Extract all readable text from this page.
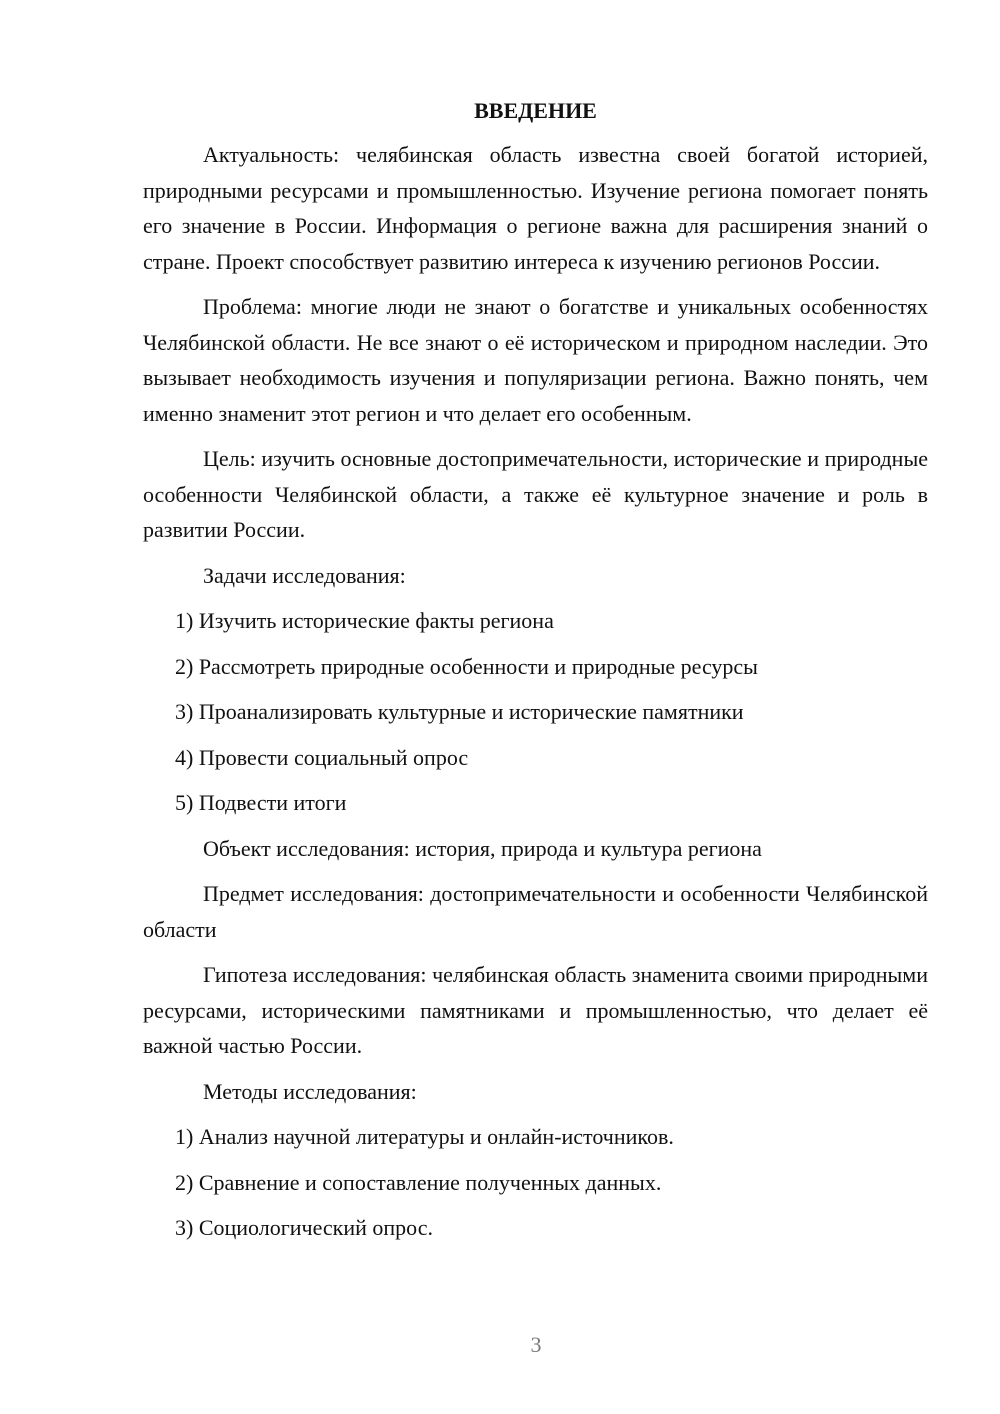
ВВЕДЕНИЕ

Актуальность: челябинская область известна своей богатой историей, природными ресурсами и промышленностью. Изучение региона помогает понять его значение в России. Информация о регионе важна для расширения знаний о стране. Проект способствует развитию интереса к изучению регионов России.

Проблема: многие люди не знают о богатстве и уникальных особенностях Челябинской области. Не все знают о её историческом и природном наследии. Это вызывает необходимость изучения и популяризации региона. Важно понять, чем именно знаменит этот регион и что делает его особенным.

Цель: изучить основные достопримечательности, исторические и природные особенности Челябинской области, а также её культурное значение и роль в развитии России.

Задачи исследования:

1) Изучить исторические факты региона
2) Рассмотреть природные особенности и природные ресурсы
3) Проанализировать культурные и исторические памятники
4) Провести социальный опрос
5) Подвести итоги

Объект исследования: история, природа и культура региона

Предмет исследования: достопримечательности и особенности Челябинской области

Гипотеза исследования: челябинская область знаменита своими природными ресурсами, историческими памятниками и промышленностью, что делает её важной частью России.

Методы исследования:

1) Анализ научной литературы и онлайн-источников.
2) Сравнение и сопоставление полученных данных.
3) Социологический опрос.
3
